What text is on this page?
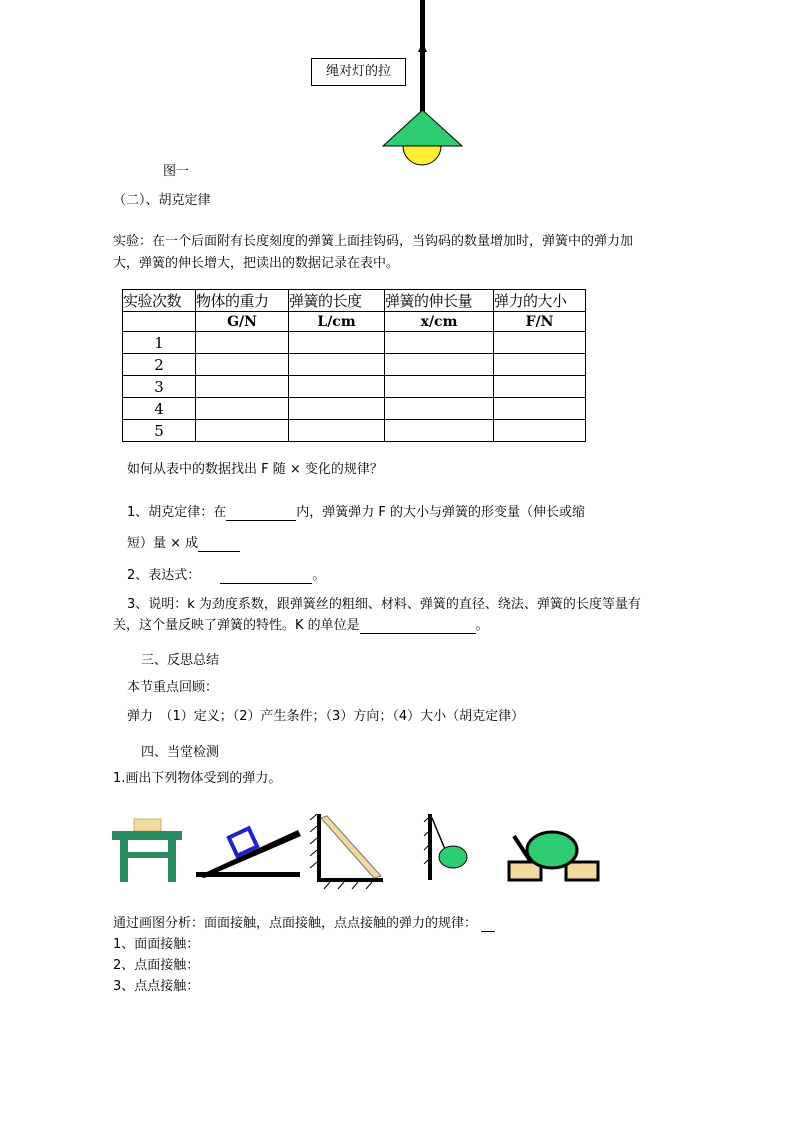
绳对灯的拉
图一
（二）、胡克定律
实验：在一个后面附有长度刻度的弹簧上面挂钩码，当钩码的数量增加时，弹簧中的弹力加
大，弹簧的伸长增大，把读出的数据记录在表中。
实验次数	物体的重力	弹簧的长度	弹簧的伸长量	弹力的大小
	G/N	L/cm	x/cm	F/N
1				
2				
3				
4				
5				
如何从表中的数据找出 F 随 × 变化的规律？
1、胡克定律：在	内，弹簧弹力 F 的大小与弹簧的形变量（伸长或缩
短）量 × 成
2、表达式：	。
3、说明：k 为劲度系数，跟弹簧丝的粗细、材料、弹簧的直径、绕法、弹簧的长度等量有
关，这个量反映了弹簧的特性。K 的单位是	。
三、反思总结
本节重点回顾：
弹力　（1）定义；（2）产生条件；（3）方向；（4）大小（胡克定律）
四、当堂检测
1.画出下列物体受到的弹力。
通过画图分析：面面接触，点面接触，点点接触的弹力的规律：
1、面面接触：
2、点面接触：
3、点点接触：
